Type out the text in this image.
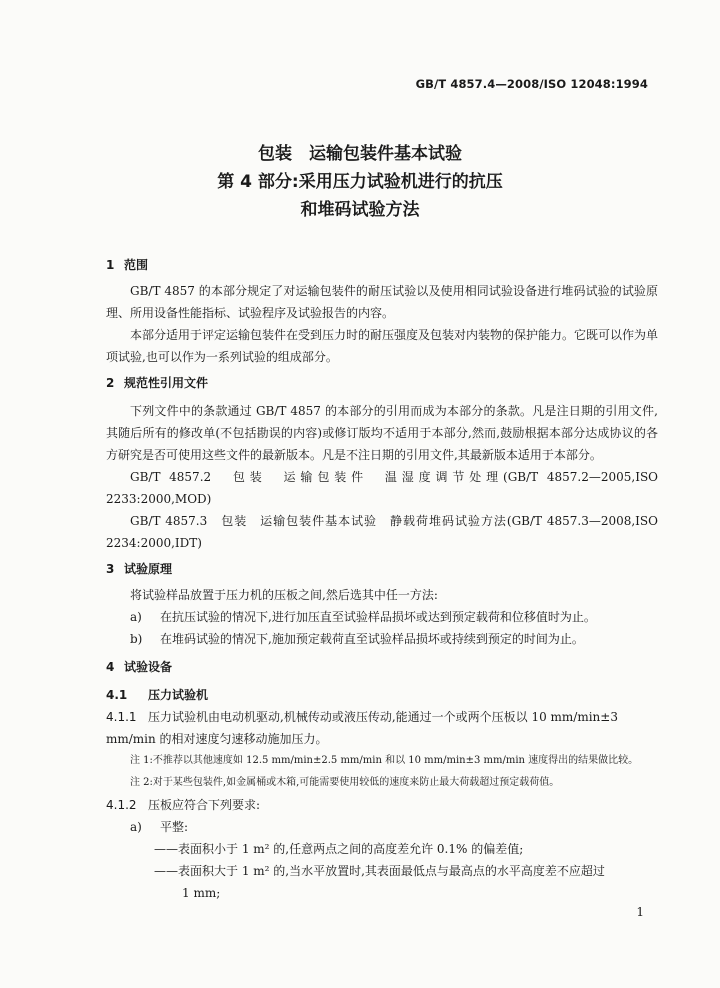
GB/T 4857.4—2008/ISO 12048:1994
包装　运输包装件基本试验
第 4 部分:采用压力试验机进行的抗压
和堆码试验方法
1 范围

GB/T 4857 的本部分规定了对运输包装件的耐压试验以及使用相同试验设备进行堆码试验的试验原理、所用设备性能指标、试验程序及试验报告的内容。

本部分适用于评定运输包装件在受到压力时的耐压强度及包装对内装物的保护能力。它既可以作为单项试验,也可以作为一系列试验的组成部分。

2 规范性引用文件

下列文件中的条款通过 GB/T 4857 的本部分的引用而成为本部分的条款。凡是注日期的引用文件,其随后所有的修改单(不包括勘误的内容)或修订版均不适用于本部分,然而,鼓励根据本部分达成协议的各方研究是否可使用这些文件的最新版本。凡是不注日期的引用文件,其最新版本适用于本部分。

GB/T 4857.2　包装　运输包装件　温湿度调节处理(GB/T 4857.2—2005,ISO 2233:2000,MOD)

GB/T 4857.3　包装　运输包装件基本试验　静载荷堆码试验方法(GB/T 4857.3—2008,ISO 2234:2000,IDT)

3 试验原理

将试验样品放置于压力机的压板之间,然后选其中任一方法:

a)	在抗压试验的情况下,进行加压直至试验样品损坏或达到预定载荷和位移值时为止。
b)	在堆码试验的情况下,施加预定载荷直至试验样品损坏或持续到预定的时间为止。
4 试验设备

4.1 压力试验机

4.1.1 压力试验机由电动机驱动,机械传动或液压传动,能通过一个或两个压板以 10 mm/min±3 mm/min 的相对速度匀速移动施加压力。

注 1:不推荐以其他速度如 12.5 mm/min±2.5 mm/min 和以 10 mm/min±3 mm/min 速度得出的结果做比较。

注 2:对于某些包装件,如金属桶或木箱,可能需要使用较低的速度来防止最大荷载超过预定载荷值。

4.1.2 压板应符合下列要求:

a)	平整:

——表面积小于 1 m² 的,任意两点之间的高度差允许 0.1% 的偏差值;

——表面积大于 1 m² 的,当水平放置时,其表面最低点与最高点的水平高度差不应超过

1 mm;

1
